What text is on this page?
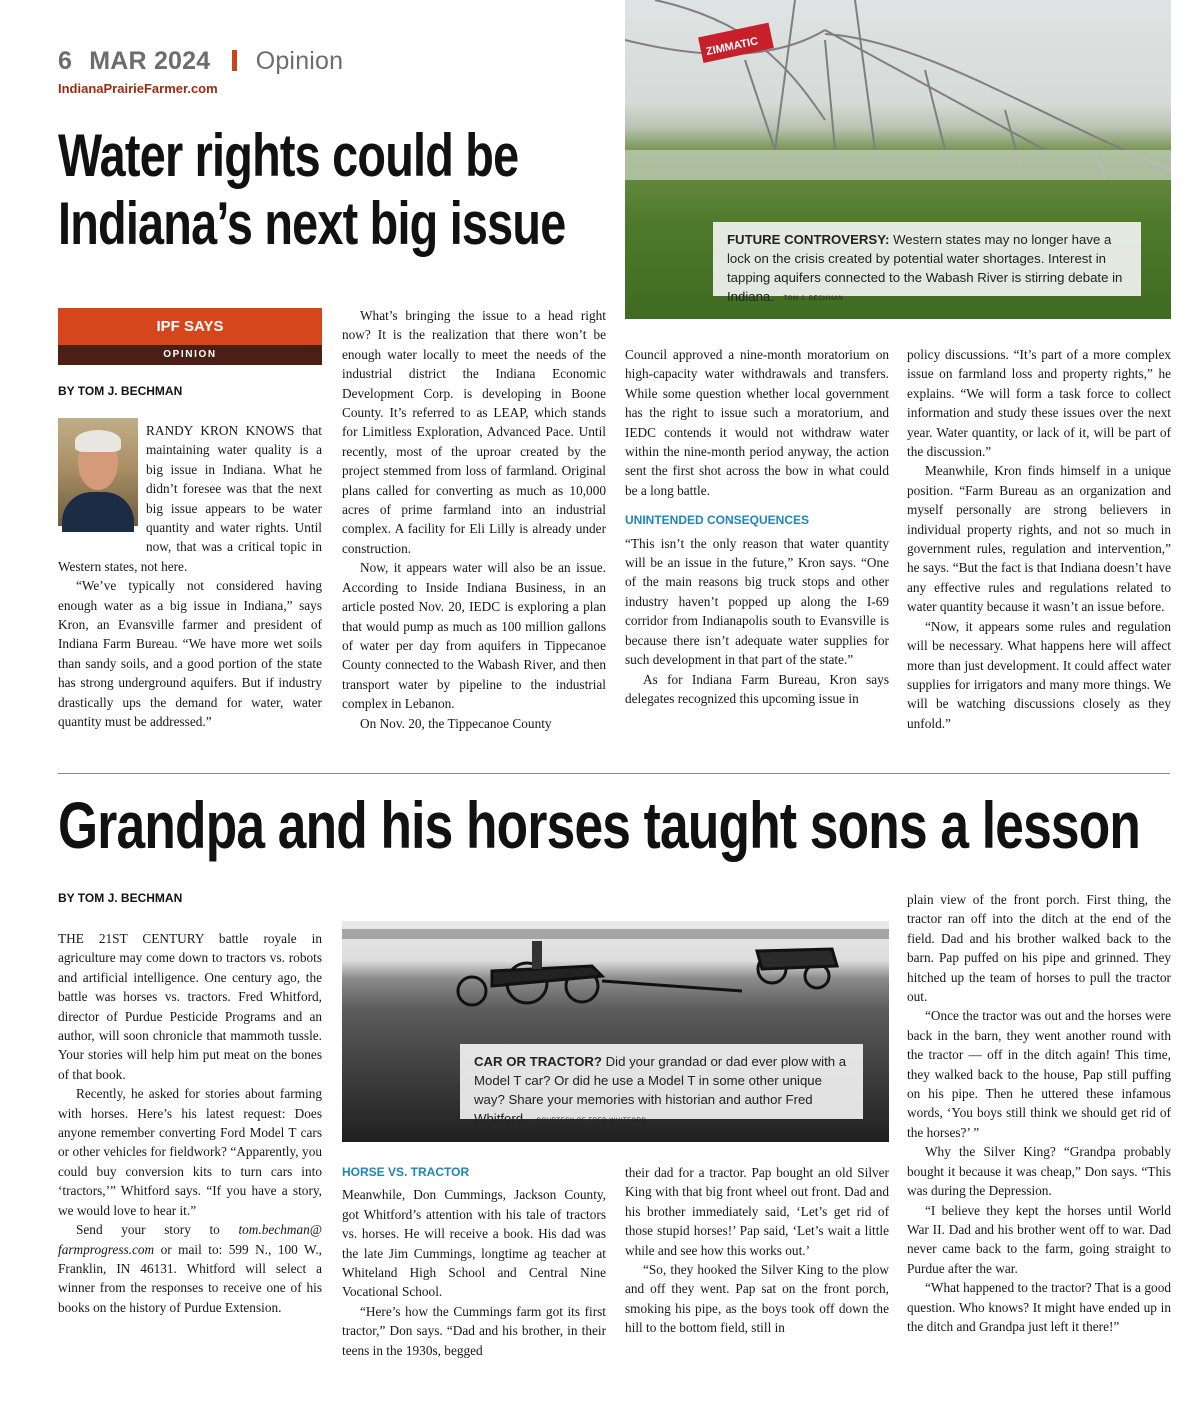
6 MAR 2024 Opinion
IndianaPrairieFarmer.com
Water rights could be
Indiana’s next big issue
ZIMMATIC
FUTURE CONTROVERSY: Western states may no longer have a lock on the crisis created by potential water shortages. Interest in tapping aquifers connected to the Wabash River is stirring debate in Indiana. TOM J. BECHMAN
IPF SAYS
OPINION
BY TOM J. BECHMAN

RANDY KRON KNOWS that maintaining water quality is a big issue in Indiana. What he didn’t foresee was that the next big issue appears to be water quantity and water rights. Until now, that was a critical topic in Western states, not here.

“We’ve typically not considered having enough water as a big issue in Indiana,” says Kron, an Evansville farmer and president of Indiana Farm Bureau. “We have more wet soils than sandy soils, and a good portion of the state has strong underground aquifers. But if industry drastically ups the demand for water, water quantity must be addressed.”

What’s bringing the issue to a head right now? It is the realization that there won’t be enough water locally to meet the needs of the industrial district the Indiana Economic Development Corp. is developing in Boone County. It’s referred to as LEAP, which stands for Limitless Exploration, Advanced Pace. Until recently, most of the uproar created by the project stemmed from loss of farmland. Original plans called for converting as much as 10,000 acres of prime farmland into an industrial complex. A facility for Eli Lilly is already under construction.

Now, it appears water will also be an issue. According to Inside Indiana Business, in an article posted Nov. 20, IEDC is exploring a plan that would pump as much as 100 million gallons of water per day from aquifers in Tippecanoe County connected to the Wabash River, and then transport water by pipeline to the industrial complex in Lebanon.

On Nov. 20, the Tippecanoe County

Council approved a nine-month moratorium on high-capacity water withdrawals and transfers. While some question whether local government has the right to issue such a moratorium, and IEDC contends it would not withdraw water within the nine-month period anyway, the action sent the first shot across the bow in what could be a long battle.

UNINTENDED CONSEQUENCES

“This isn’t the only reason that water quantity will be an issue in the future,” Kron says. “One of the main reasons big truck stops and other industry haven’t popped up along the I-69 corridor from Indianapolis south to Evansville is because there isn’t adequate water supplies for such development in that part of the state.”

As for Indiana Farm Bureau, Kron says delegates recognized this upcoming issue in

policy discussions. “It’s part of a more complex issue on farmland loss and property rights,” he explains. “We will form a task force to collect information and study these issues over the next year. Water quantity, or lack of it, will be part of the discussion.”

Meanwhile, Kron finds himself in a unique position. “Farm Bureau as an organization and myself personally are strong believers in individual property rights, and not so much in government rules, regulation and intervention,” he says. “But the fact is that Indiana doesn’t have any effective rules and regulations related to water quantity because it wasn’t an issue before.

“Now, it appears some rules and regulation will be necessary. What happens here will affect more than just development. It could affect water supplies for irrigators and many more things. We will be watching discussions closely as they unfold.”

Grandpa and his horses taught sons a lesson
BY TOM J. BECHMAN
CAR OR TRACTOR? Did your grandad or dad ever plow with a Model T car? Or did he use a Model T in some other unique way? Share your memories with historian and author Fred Whitford. COURTESY OF FRED WHITFORD

THE 21ST CENTURY battle royale in agriculture may come down to tractors vs. robots and artificial intelligence. One century ago, the battle was horses vs. tractors. Fred Whitford, director of Purdue Pesticide Programs and an author, will soon chronicle that mammoth tussle. Your stories will help him put meat on the bones of that book.

Recently, he asked for stories about farming with horses. Here’s his latest request: Does anyone remember converting Ford Model T cars or other vehicles for fieldwork? “Apparently, you could buy conversion kits to turn cars into ‘tractors,’” Whitford says. “If you have a story, we would love to hear it.”

Send your story to tom.bechman@ farmprogress.com or mail to: 599 N., 100 W., Franklin, IN 46131. Whitford will select a winner from the responses to receive one of his books on the history of Purdue Extension.

HORSE VS. TRACTOR

Meanwhile, Don Cummings, Jackson County, got Whitford’s attention with his tale of tractors vs. horses. He will receive a book. His dad was the late Jim Cummings, longtime ag teacher at Whiteland High School and Central Nine Vocational School.

“Here’s how the Cummings farm got its first tractor,” Don says. “Dad and his brother, in their teens in the 1930s, begged

their dad for a tractor. Pap bought an old Silver King with that big front wheel out front. Dad and his brother immediately said, ‘Let’s get rid of those stupid horses!’ Pap said, ‘Let’s wait a little while and see how this works out.’

“So, they hooked the Silver King to the plow and off they went. Pap sat on the front porch, smoking his pipe, as the boys took off down the hill to the bottom field, still in

plain view of the front porch. First thing, the tractor ran off into the ditch at the end of the field. Dad and his brother walked back to the barn. Pap puffed on his pipe and grinned. They hitched up the team of horses to pull the tractor out.

“Once the tractor was out and the horses were back in the barn, they went another round with the tractor — off in the ditch again! This time, they walked back to the house, Pap still puffing on his pipe. Then he uttered these infamous words, ‘You boys still think we should get rid of the horses?’ ”

Why the Silver King? “Grandpa probably bought it because it was cheap,” Don says. “This was during the Depression.

“I believe they kept the horses until World War II. Dad and his brother went off to war. Dad never came back to the farm, going straight to Purdue after the war.

“What happened to the tractor? That is a good question. Who knows? It might have ended up in the ditch and Grandpa just left it there!”
